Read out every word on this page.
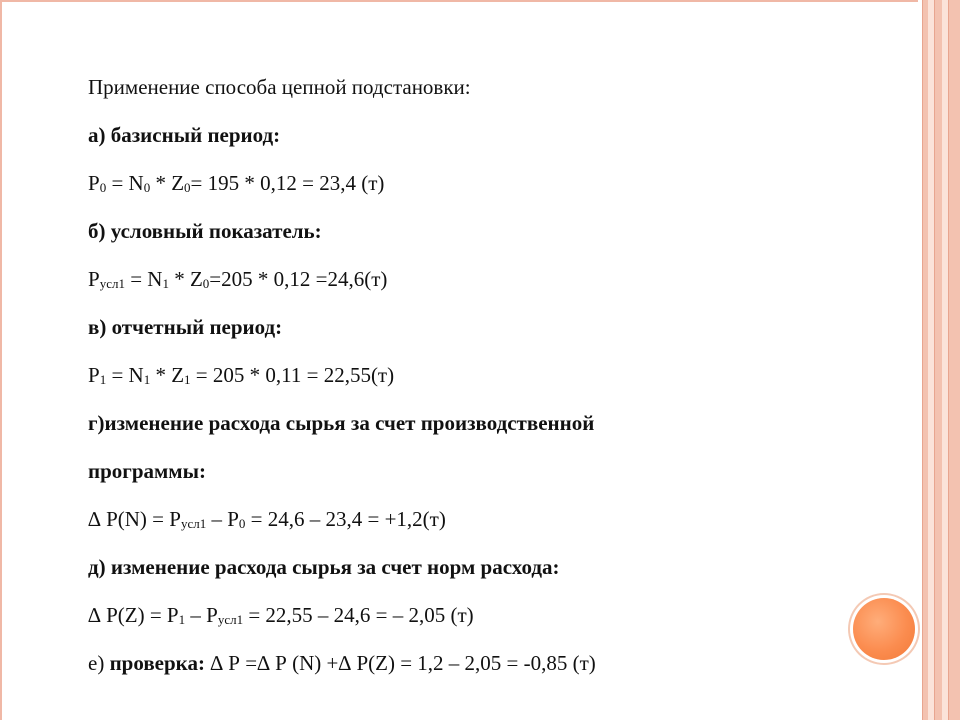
Применение способа цепной подстановки:
а) базисный период:
$Р_0 = N_0 * Z_0= 195 * 0,12 = 23,4$ (т)
б) условный показатель:
$Р_{усл1} = N_1 * Z_0=205 * 0,12 =24,6(т)$
в) отчетный период:
$Р_1 = N_1 * Z_1 = 205 * 0,11 = 22,55(т)$
г)изменение расхода сырья за счет производственной
программы:
∆ $Р(N) = Р_{усл1} - Р_0 = 24,6 - 23,4 = +1,2(т)$
д) изменение расхода сырья за счет норм расхода:
∆ $Р(Z) = Р_1 - Р_{усл1} = 22,55 - 24,6$ = – 2,05 (т)
е) проверка: ∆ Р =∆ Р (N) +∆ Р(Z) = 1,2 – 2,05 = -0,85 (т)
